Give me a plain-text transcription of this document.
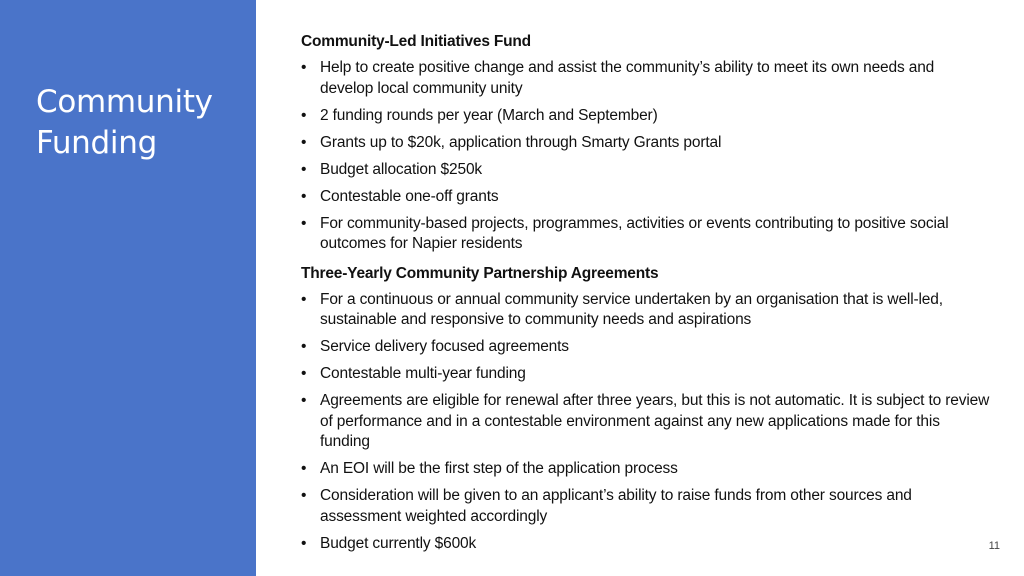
Community
Funding
Community-Led Initiatives Fund
• Help to create positive change and assist the community’s ability to meet its own needs and develop local community unity
• 2 funding rounds per year (March and September)
• Grants up to $20k, application through Smarty Grants portal
• Budget allocation $250k
• Contestable one-off grants
• For community-based projects, programmes, activities or events contributing to positive social outcomes for Napier residents
Three-Yearly Community Partnership Agreements
• For a continuous or annual community service undertaken by an organisation that is well-led, sustainable and responsive to community needs and aspirations
• Service delivery focused agreements
• Contestable multi-year funding
• Agreements are eligible for renewal after three years, but this is not automatic. It is subject to review of performance and in a contestable environment against any new applications made for this funding
• An EOI will be the first step of the application process
• Consideration will be given to an applicant’s ability to raise funds from other sources and assessment weighted accordingly
• Budget currently $600k	11
